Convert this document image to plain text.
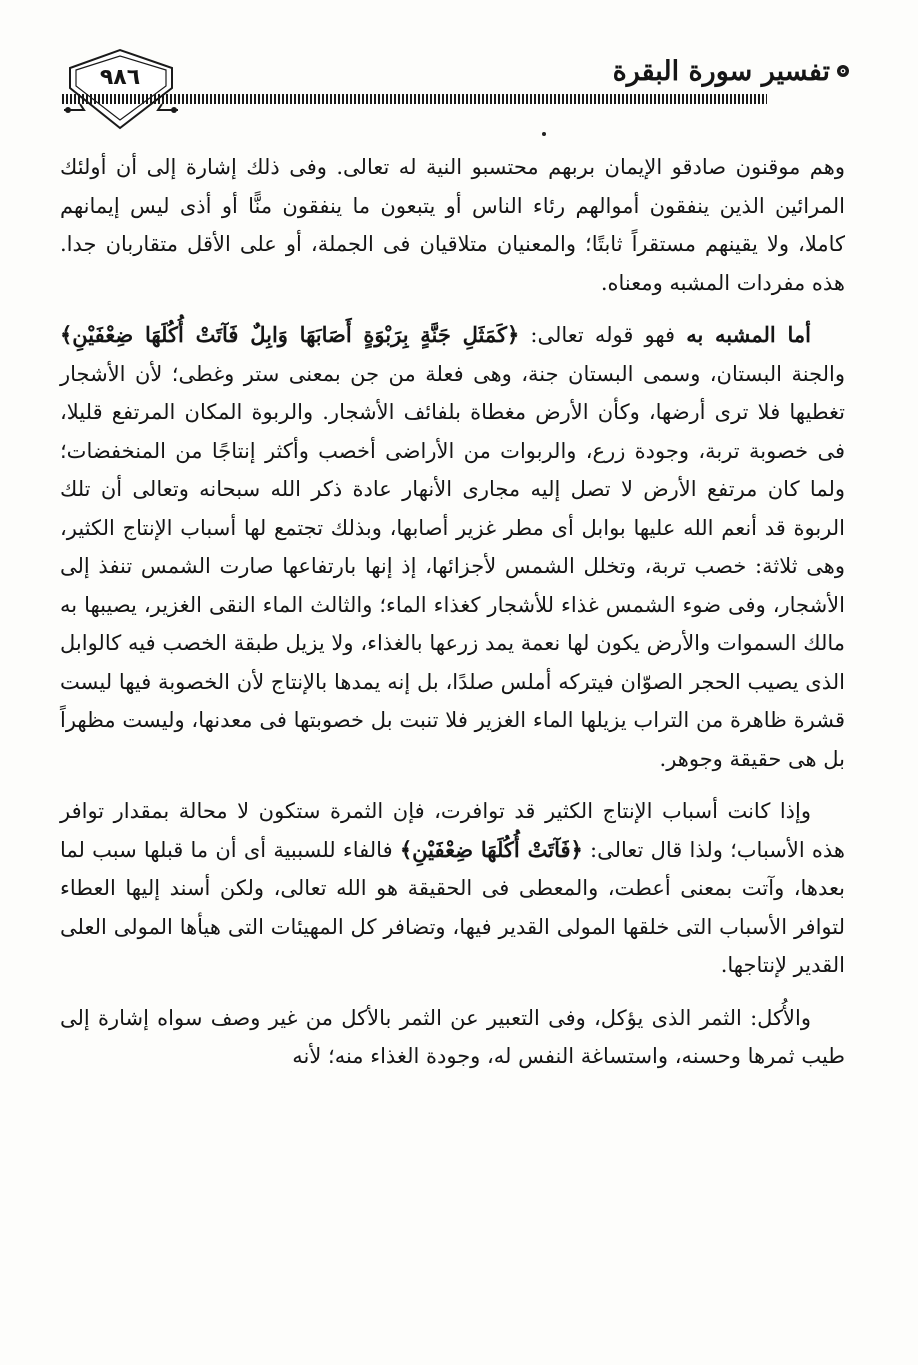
٩٨٦	تفسير سورة البقرة

وهم موقنون صادقو الإيمان بربهم محتسبو النية له تعالى. وفى ذلك إشارة إلى أن أولئك المرائين الذين ينفقون أموالهم رئاء الناس أو يتبعون ما ينفقون منًّا أو أذى ليس إيمانهم كاملا، ولا يقينهم مستقراً ثابتًا؛ والمعنيان متلاقيان فى الجملة، أو على الأقل متقاربان جدا. هذه مفردات المشبه ومعناه.

أما المشبه به فهو قوله تعالى: ﴿كَمَثَلِ جَنَّةٍ بِرَبْوَةٍ أَصَابَهَا وَابِلٌ فَآتَتْ أُكُلَهَا ضِعْفَيْنِ﴾ والجنة البستان، وسمى البستان جنة، وهى فعلة من جن بمعنى ستر وغطى؛ لأن الأشجار تغطيها فلا ترى أرضها، وكأن الأرض مغطاة بلفائف الأشجار. والربوة المكان المرتفع قليلا، فى خصوبة تربة، وجودة زرع، والربوات من الأراضى أخصب وأكثر إنتاجًا من المنخفضات؛ ولما كان مرتفع الأرض لا تصل إليه مجارى الأنهار عادة ذكر الله سبحانه وتعالى أن تلك الربوة قد أنعم الله عليها بوابل أى مطر غزير أصابها، وبذلك تجتمع لها أسباب الإنتاج الكثير، وهى ثلاثة: خصب تربة، وتخلل الشمس لأجزائها، إذ إنها بارتفاعها صارت الشمس تنفذ إلى الأشجار، وفى ضوء الشمس غذاء للأشجار كغذاء الماء؛ والثالث الماء النقى الغزير، يصيبها به مالك السموات والأرض يكون لها نعمة يمد زرعها بالغذاء، ولا يزيل طبقة الخصب فيه كالوابل الذى يصيب الحجر الصوّان فيتركه أملس صلدًا، بل إنه يمدها بالإنتاج لأن الخصوبة فيها ليست قشرة ظاهرة من التراب يزيلها الماء الغزير فلا تنبت بل خصوبتها فى معدنها، وليست مظهراً بل هى حقيقة وجوهر.

وإذا كانت أسباب الإنتاج الكثير قد توافرت، فإن الثمرة ستكون لا محالة بمقدار توافر هذه الأسباب؛ ولذا قال تعالى: ﴿فَآتَتْ أُكُلَهَا ضِعْفَيْنِ﴾ فالفاء للسببية أى أن ما قبلها سبب لما بعدها، وآتت بمعنى أعطت، والمعطى فى الحقيقة هو الله تعالى، ولكن أسند إليها العطاء لتوافر الأسباب التى خلقها المولى القدير فيها، وتضافر كل المهيئات التى هيأها المولى العلى القدير لإنتاجها.

والأُكل: الثمر الذى يؤكل، وفى التعبير عن الثمر بالأكل من غير وصف سواه إشارة إلى طيب ثمرها وحسنه، واستساغة النفس له، وجودة الغذاء منه؛ لأنه
